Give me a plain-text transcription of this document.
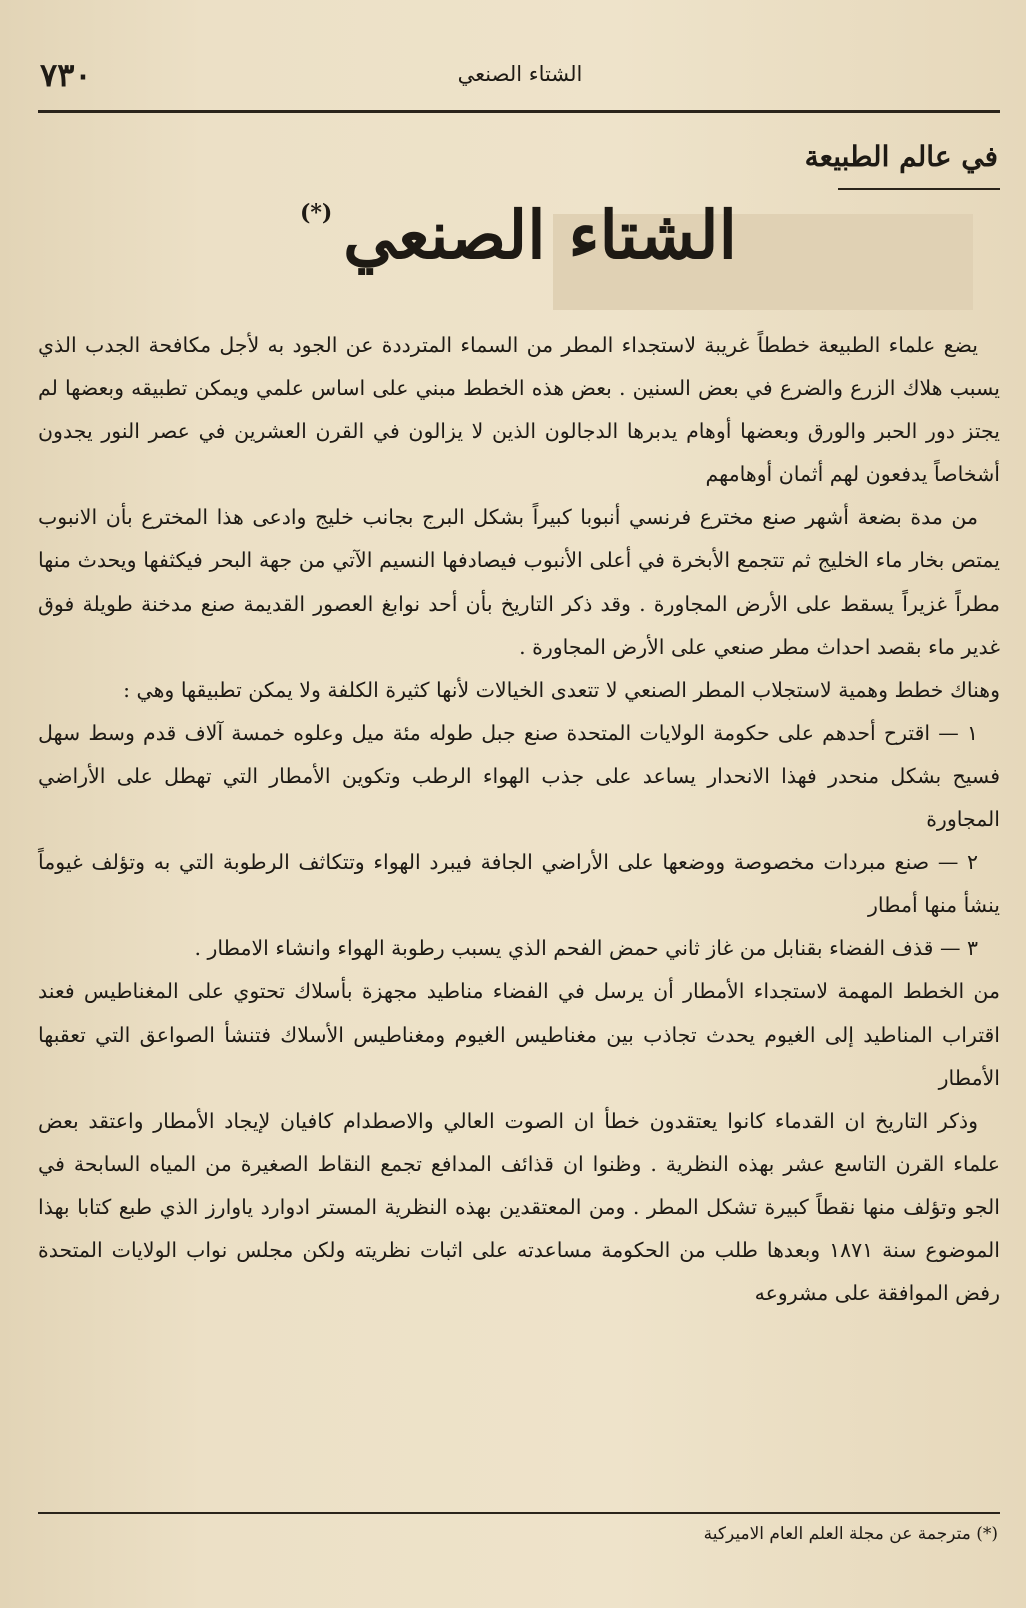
٧٣٠	الشتاء الصنعي
في عالم الطبيعة
الشتاء الصنعي
(*)

يضع علماء الطبيعة خططاً غريبة لاستجداء المطر من السماء المترددة عن الجود به لأجل مكافحة الجدب الذي يسبب هلاك الزرع والضرع في بعض السنين . بعض هذه الخطط مبني على اساس علمي ويمكن تطبيقه وبعضها لم يجتز دور الحبر والورق وبعضها أوهام يدبرها الدجالون الذين لا يزالون في القرن العشرين في عصر النور يجدون أشخاصاً يدفعون لهم أثمان أوهامهم

من مدة بضعة أشهر صنع مخترع فرنسي أنبوبا كبيراً بشكل البرج بجانب خليج وادعى هذا المخترع بأن الانبوب يمتص بخار ماء الخليج ثم تتجمع الأبخرة في أعلى الأنبوب فيصادفها النسيم الآتي من جهة البحر فيكثفها ويحدث منها مطراً غزيراً يسقط على الأرض المجاورة . وقد ذكر التاريخ بأن أحد نوابغ العصور القديمة صنع مدخنة طويلة فوق غدير ماء بقصد احداث مطر صنعي على الأرض المجاورة .

وهناك خطط وهمية لاستجلاب المطر الصنعي لا تتعدى الخيالات لأنها كثيرة الكلفة ولا يمكن تطبيقها وهي :

١ — اقترح أحدهم على حكومة الولايات المتحدة صنع جبل طوله مئة ميل وعلوه خمسة آلاف قدم وسط سهل فسيح بشكل منحدر فهذا الانحدار يساعد على جذب الهواء الرطب وتكوين الأمطار التي تهطل على الأراضي المجاورة

٢ — صنع مبردات مخصوصة ووضعها على الأراضي الجافة فيبرد الهواء وتتكاثف الرطوبة التي به وتؤلف غيوماً ينشأ منها أمطار

٣ — قذف الفضاء بقنابل من غاز ثاني حمض الفحم الذي يسبب رطوبة الهواء وانشاء الامطار .

من الخطط المهمة لاستجداء الأمطار أن يرسل في الفضاء مناطيد مجهزة بأسلاك تحتوي على المغناطيس فعند اقتراب المناطيد إلى الغيوم يحدث تجاذب بين مغناطيس الغيوم ومغناطيس الأسلاك فتنشأ الصواعق التي تعقبها الأمطار

وذكر التاريخ ان القدماء كانوا يعتقدون خطأ ان الصوت العالي والاصطدام كافيان لإيجاد الأمطار واعتقد بعض علماء القرن التاسع عشر بهذه النظرية . وظنوا ان قذائف المدافع تجمع النقاط الصغيرة من المياه السابحة في الجو وتؤلف منها نقطاً كبيرة تشكل المطر . ومن المعتقدين بهذه النظرية المستر ادوارد ياوارز الذي طبع كتابا بهذا الموضوع سنة ١٨٧١ وبعدها طلب من الحكومة مساعدته على اثبات نظريته ولكن مجلس نواب الولايات المتحدة رفض الموافقة على مشروعه

(*) مترجمة عن مجلة العلم العام الاميركية
